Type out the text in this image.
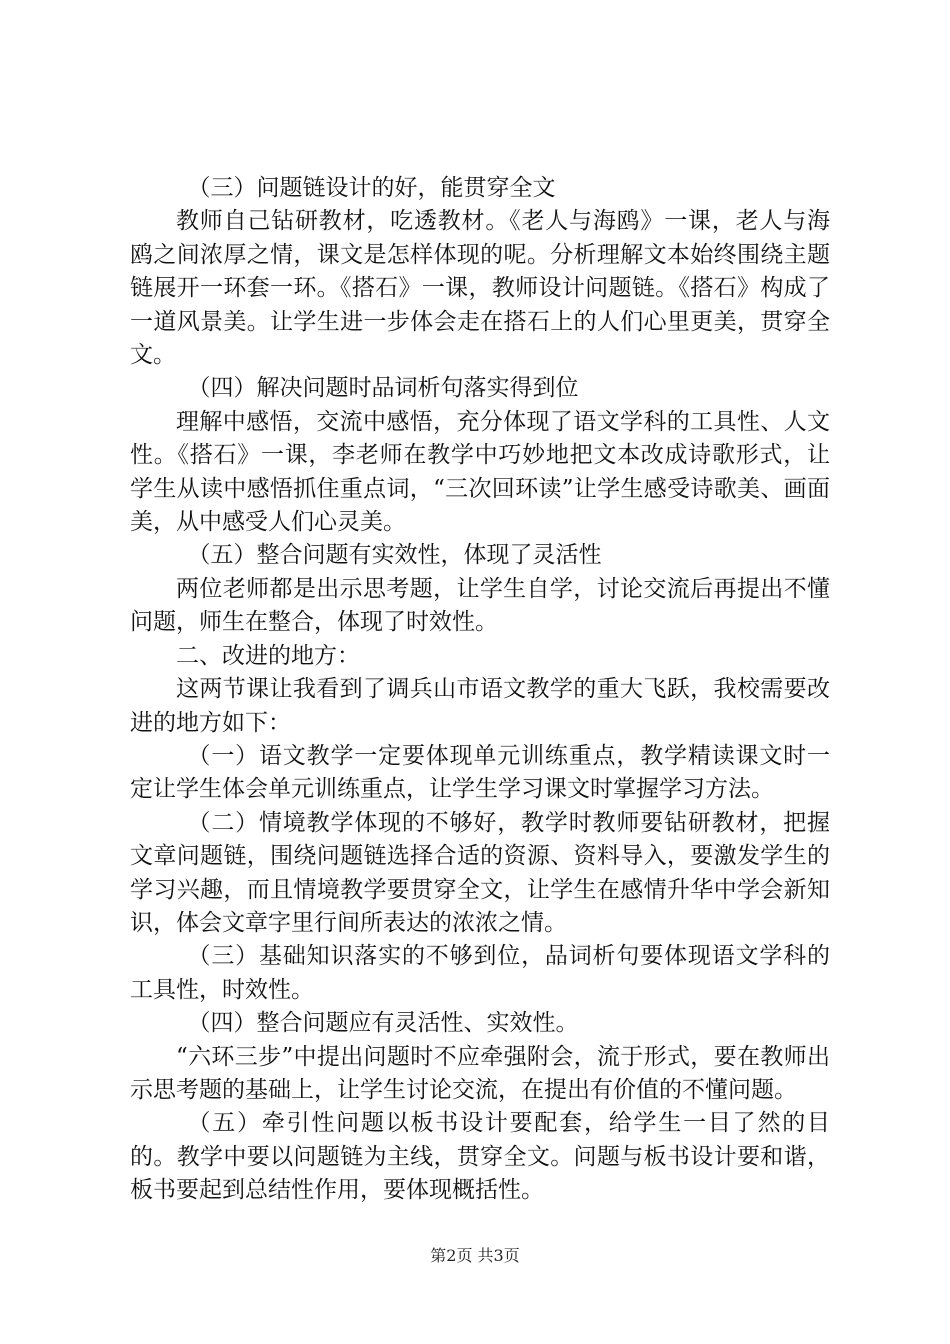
（三）问题链设计的好，能贯穿全文

教师自己钻研教材，吃透教材。《老人与海鸥》一课，老人与海鸥之间浓厚之情，课文是怎样体现的呢。分析理解文本始终围绕主题链展开一环套一环。《搭石》一课，教师设计问题链。《搭石》构成了一道风景美。让学生进一步体会走在搭石上的人们心里更美，贯穿全文。

（四）解决问题时品词析句落实得到位

理解中感悟，交流中感悟，充分体现了语文学科的工具性、人文性。《搭石》一课，李老师在教学中巧妙地把文本改成诗歌形式，让学生从读中感悟抓住重点词，“三次回环读”让学生感受诗歌美、画面美，从中感受人们心灵美。

（五）整合问题有实效性，体现了灵活性

两位老师都是出示思考题，让学生自学，讨论交流后再提出不懂问题，师生在整合，体现了时效性。

二、改进的地方：

这两节课让我看到了调兵山市语文教学的重大飞跃，我校需要改进的地方如下：

（一）语文教学一定要体现单元训练重点，教学精读课文时一定让学生体会单元训练重点，让学生学习课文时掌握学习方法。

（二）情境教学体现的不够好，教学时教师要钻研教材，把握文章问题链，围绕问题链选择合适的资源、资料导入，要激发学生的学习兴趣，而且情境教学要贯穿全文，让学生在感情升华中学会新知识，体会文章字里行间所表达的浓浓之情。

（三）基础知识落实的不够到位，品词析句要体现语文学科的工具性，时效性。

（四）整合问题应有灵活性、实效性。

“六环三步”中提出问题时不应牵强附会，流于形式，要在教师出示思考题的基础上，让学生讨论交流，在提出有价值的不懂问题。

（五）牵引性问题以板书设计要配套，给学生一目了然的目的。教学中要以问题链为主线，贯穿全文。问题与板书设计要和谐，板书要起到总结性作用，要体现概括性。

第2页 共3页
